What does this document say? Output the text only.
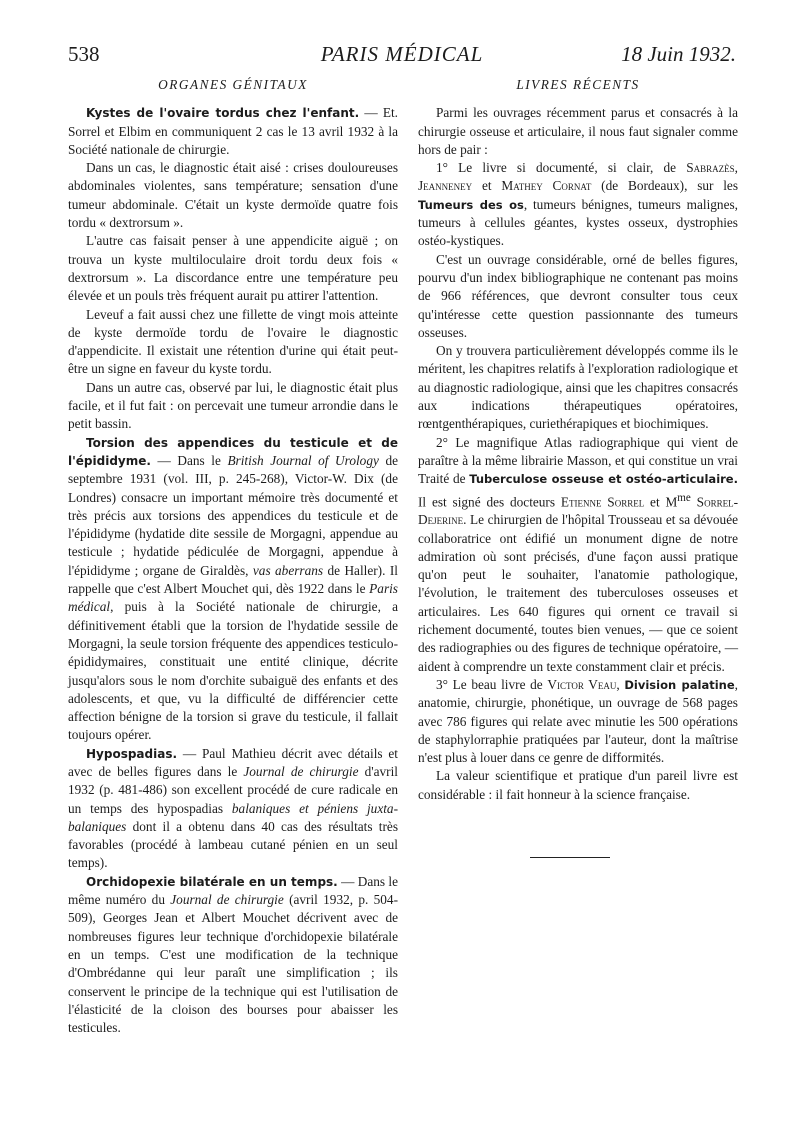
538	PARIS MÉDICAL	18 Juin 1932.
ORGANES GÉNITAUX

Kystes de l'ovaire tordus chez l'enfant. — Et. Sorrel et Elbim en communiquent 2 cas le 13 avril 1932 à la Société nationale de chirurgie.

Dans un cas, le diagnostic était aisé : crises douloureuses abdominales violentes, sans température; sensation d'une tumeur abdominale. C'était un kyste dermoïde quatre fois tordu « dextrorsum ».

L'autre cas faisait penser à une appendicite aiguë ; on trouva un kyste multiloculaire droit tordu deux fois « dextrorsum ». La discordance entre une température peu élevée et un pouls très fréquent aurait pu attirer l'attention.

Leveuf a fait aussi chez une fillette de vingt mois atteinte de kyste dermoïde tordu de l'ovaire le diagnostic d'appendicite. Il existait une rétention d'urine qui était peut-être un signe en faveur du kyste tordu.

Dans un autre cas, observé par lui, le diagnostic était plus facile, et il fut fait : on percevait une tumeur arrondie dans le petit bassin.

Torsion des appendices du testicule et de l'épididyme. — Dans le British Journal of Urology de septembre 1931 (vol. III, p. 245-268), Victor-W. Dix (de Londres) consacre un important mémoire très documenté et très précis aux torsions des appendices du testicule et de l'épididyme (hydatide dite sessile de Morgagni, appendue au testicule ; hydatide pédiculée de Morgagni, appendue à l'épididyme ; organe de Giraldès, vas aberrans de Haller). Il rappelle que c'est Albert Mouchet qui, dès 1922 dans le Paris médical, puis à la Société nationale de chirurgie, a définitivement établi que la torsion de l'hydatide sessile de Morgagni, la seule torsion fréquente des appendices testiculo-épididymaires, constituait une entité clinique, décrite jusqu'alors sous le nom d'orchite subaiguë des enfants et des adolescents, et que, vu la difficulté de différencier cette affection bénigne de la torsion si grave du testicule, il fallait toujours opérer.

Hypospadias. — Paul Mathieu décrit avec détails et avec de belles figures dans le Journal de chirurgie d'avril 1932 (p. 481-486) son excellent procédé de cure radicale en un temps des hypospadias balaniques et péniens juxta-balaniques dont il a obtenu dans 40 cas des résultats très favorables (procédé à lambeau cutané pénien en un seul temps).

Orchidopexie bilatérale en un temps. — Dans le même numéro du Journal de chirurgie (avril 1932, p. 504-509), Georges Jean et Albert Mouchet décrivent avec de nombreuses figures leur technique d'orchidopexie bilatérale en un temps. C'est une modification de la technique d'Ombrédanne qui leur paraît une simplification ; ils conservent le principe de la technique qui est l'utilisation de l'élasticité de la cloison des bourses pour abaisser les testicules.

LIVRES RÉCENTS

Parmi les ouvrages récemment parus et consacrés à la chirurgie osseuse et articulaire, il nous faut signaler comme hors de pair :

1° Le livre si documenté, si clair, de Sabrazès, Jeanneney et Mathey Cornat (de Bordeaux), sur les Tumeurs des os, tumeurs bénignes, tumeurs malignes, tumeurs à cellules géantes, kystes osseux, dystrophies ostéo-kystiques.

C'est un ouvrage considérable, orné de belles figures, pourvu d'un index bibliographique ne contenant pas moins de 966 références, que devront consulter tous ceux qu'intéresse cette question passionnante des tumeurs osseuses.

On y trouvera particulièrement développés comme ils le méritent, les chapitres relatifs à l'exploration radiologique et au diagnostic radiologique, ainsi que les chapitres consacrés aux indications thérapeutiques opératoires, rœntgenthérapiques, curiethérapiques et biochimiques.

2° Le magnifique Atlas radiographique qui vient de paraître à la même librairie Masson, et qui constitue un vrai Traité de Tuberculose osseuse et ostéo-articulaire. Il est signé des docteurs Etienne Sorrel et $M^{me}$ Sorrel-Dejerine. Le chirurgien de l'hôpital Trousseau et sa dévouée collaboratrice ont édifié un monument digne de notre admiration où sont précisés, d'une façon aussi pratique qu'on peut le souhaiter, l'anatomie pathologique, l'évolution, le traitement des tuberculoses osseuses et articulaires. Les 640 figures qui ornent ce travail si richement documenté, toutes bien venues, — que ce soient des radiographies ou des figures de technique opératoire, — aident à comprendre un texte constamment clair et précis.

3° Le beau livre de Victor Veau, Division palatine, anatomie, chirurgie, phonétique, un ouvrage de 568 pages avec 786 figures qui relate avec minutie les 500 opérations de staphylorraphie pratiquées par l'auteur, dont la maîtrise n'est plus à louer dans ce genre de difformités.

La valeur scientifique et pratique d'un pareil livre est considérable : il fait honneur à la science française.
